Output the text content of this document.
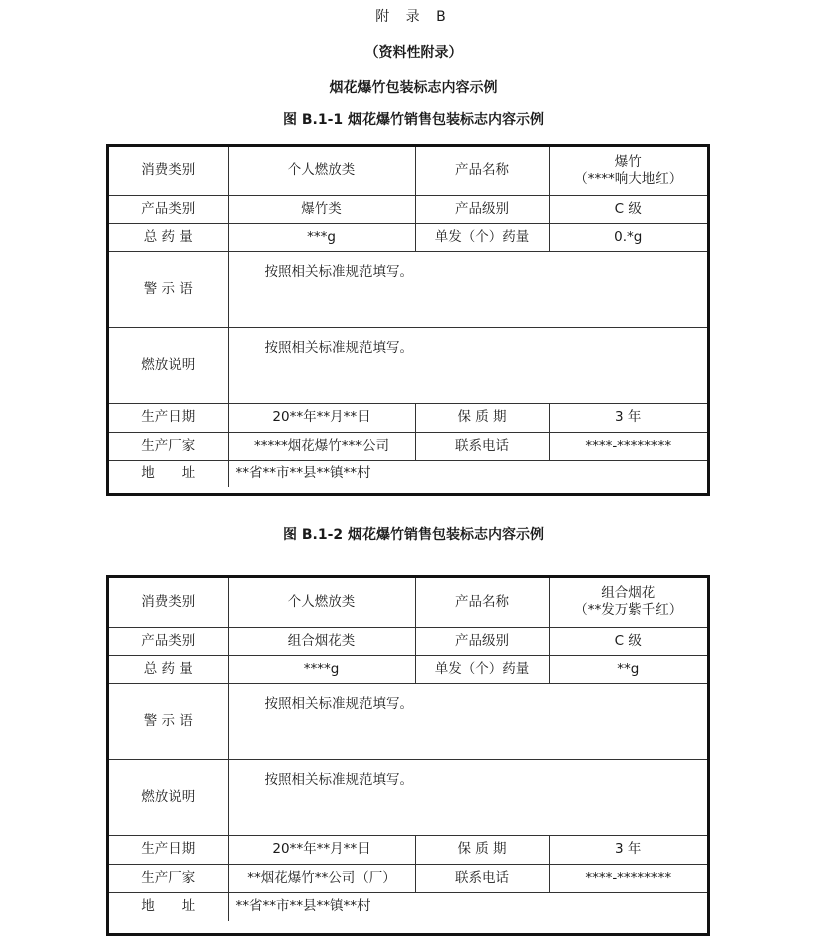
附 录 B
（资料性附录）
烟花爆竹包装标志内容示例
图 B.1-1 烟花爆竹销售包装标志内容示例
消费类别	个人燃放类	产品名称	爆竹
（****响大地红）

产品类别	爆竹类	产品级别	C 级
总 药 量	***g	单发（个）药量	0.*g
警 示 语	按照相关标准规范填写。		
燃放说明	按照相关标准规范填写。		
生产日期	20**年**月**日	保 质 期	3 年
生产厂家	*****烟花爆竹***公司	联系电话	****-********
地　　址	**省**市**县**镇**村		
图 B.1-2 烟花爆竹销售包装标志内容示例
消费类别	个人燃放类	产品名称	组合烟花
（**发万紫千红）

产品类别	组合烟花类	产品级别	C 级
总 药 量	****g	单发（个）药量	**g
警 示 语	按照相关标准规范填写。		
燃放说明	按照相关标准规范填写。		
生产日期	20**年**月**日	保 质 期	3 年
生产厂家	**烟花爆竹**公司（厂）	联系电话	****-********
地　　址	**省**市**县**镇**村		
